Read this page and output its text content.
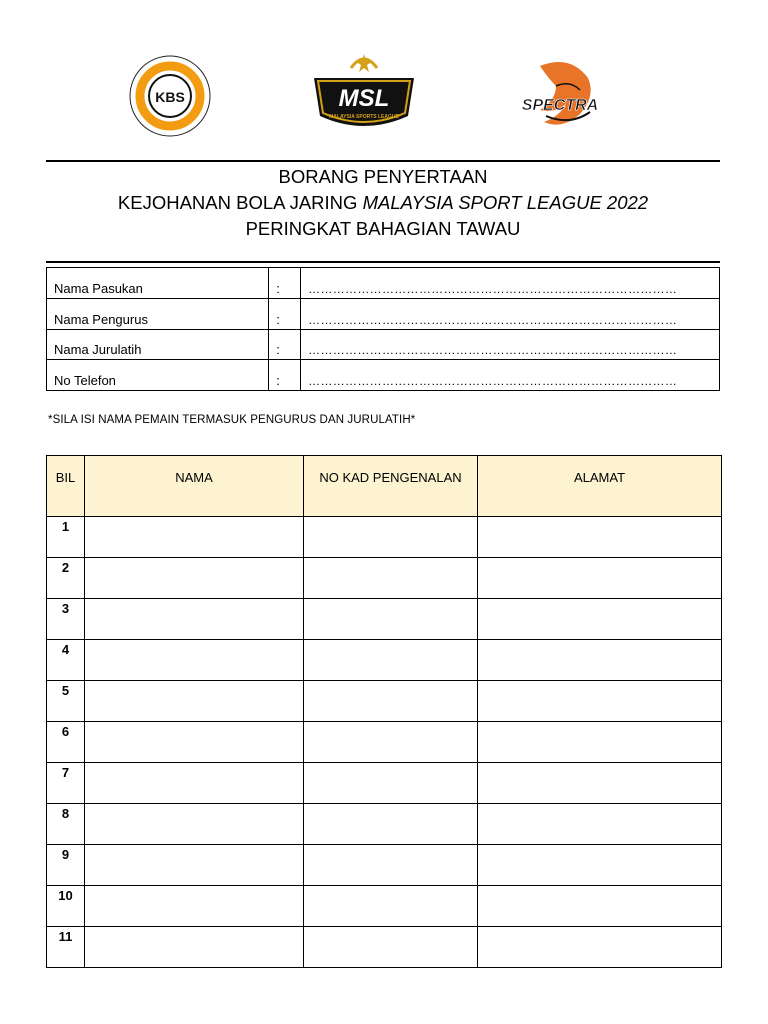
KBS	MSL
MALAYSIA SPORTS LEAGUE
SPECTRA
BORANG PENYERTAAN
KEJOHANAN BOLA JARING MALAYSIA SPORT LEAGUE 2022
PERINGKAT BAHAGIAN TAWAU
Nama Pasukan	:	………………………………………………………………………………
Nama Pengurus	:	………………………………………………………………………………
Nama Jurulatih	:	………………………………………………………………………………
No Telefon	:	………………………………………………………………………………
*SILA ISI NAMA PEMAIN TERMASUK PENGURUS DAN JURULATIH*
BIL	NAMA	NO KAD PENGENALAN	ALAMAT
1			
2			
3			
4			
5			
6			
7			
8			
9			
10			
11			
